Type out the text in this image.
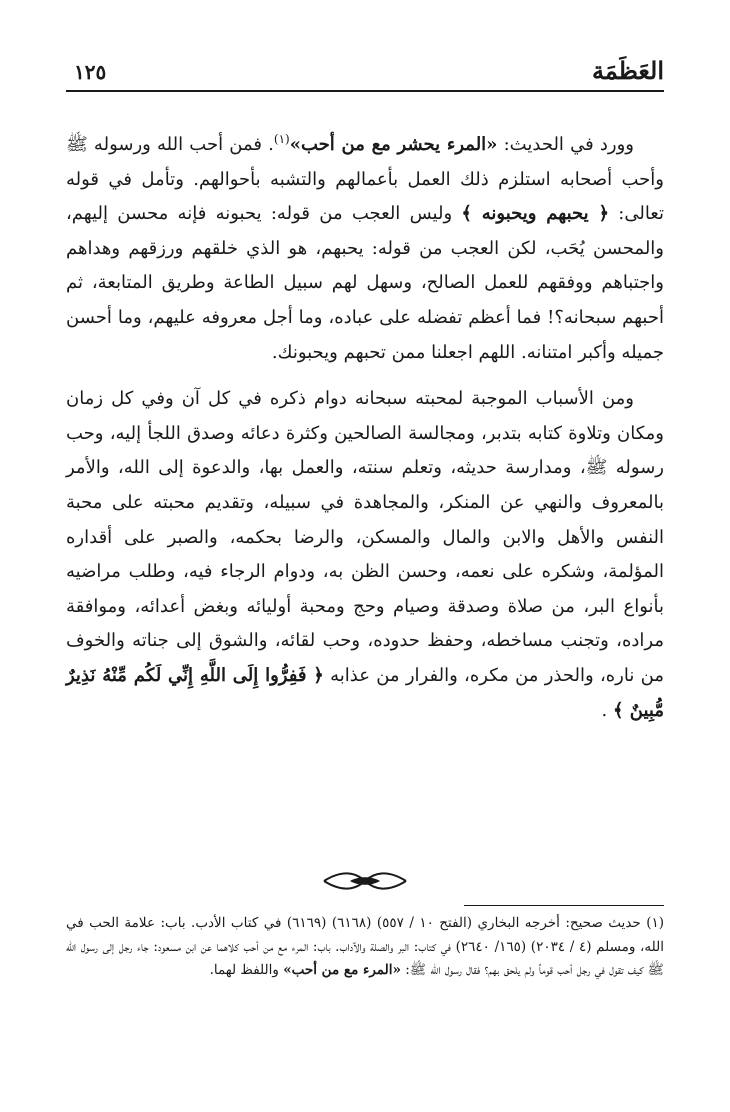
العَظَمَة
١٢٥

وورد في الحديث: «المرء يحشر مع من أحب»$^{(١)}$. فمن أحب الله ورسوله ﷺ وأحب أصحابه استلزم ذلك العمل بأعمالهم والتشبه بأحوالهم. وتأمل في قوله تعالى: ﴿ يحبهم ويحبونه ﴾ وليس العجب من قوله: يحبونه فإنه محسن إليهم، والمحسن يُحَب، لكن العجب من قوله: يحبهم، هو الذي خلقهم ورزقهم وهداهم واجتباهم ووفقهم للعمل الصالح، وسهل لهم سبيل الطاعة وطريق المتابعة، ثم أحبهم سبحانه؟! فما أعظم تفضله على عباده، وما أجل معروفه عليهم، وما أحسن جميله وأكبر امتنانه. اللهم اجعلنا ممن تحبهم ويحبونك.

ومن الأسباب الموجبة لمحبته سبحانه دوام ذكره في كل آن وفي كل زمان ومكان وتلاوة كتابه بتدبر، ومجالسة الصالحين وكثرة دعائه وصدق اللجأ إليه، وحب رسوله ﷺ، ومدارسة حديثه، وتعلم سنته، والعمل بها، والدعوة إلى الله، والأمر بالمعروف والنهي عن المنكر، والمجاهدة في سبيله، وتقديم محبته على محبة النفس والأهل والابن والمال والمسكن، والرضا بحكمه، والصبر على أقداره المؤلمة، وشكره على نعمه، وحسن الظن به، ودوام الرجاء فيه، وطلب مراضيه بأنواع البر، من صلاة وصدقة وصيام وحج ومحبة أوليائه وبغض أعدائه، وموافقة مراده، وتجنب مساخطه، وحفظ حدوده، وحب لقائه، والشوق إلى جناته والخوف من ناره، والحذر من مكره، والفرار من عذابه ﴿ فَفِرُّوا إِلَى اللَّهِ إِنِّي لَكُم مِّنْهُ نَذِيرٌ مُّبِينٌ ﴾ .

(١) حديث صحيح: أخرجه البخاري (الفتح ١٠ / ٥٥٧) (٦١٦٨) (٦١٦٩) في كتاب الأدب. باب: علامة الحب في الله، ومسلم (٤ / ٢٠٣٤) (١٦٥/ ٢٦٤٠) في كتاب: البر والصلة والآداب. باب: المرء مع من أحب كلاهما عن ابن مسعود: جاء رجل إلى رسول الله ﷺ كيف تقول في رجل أحب قوماً ولم يلحق بهم؟ فقال رسول الله ﷺ: «المرء مع من أحب» واللفظ لهما.
